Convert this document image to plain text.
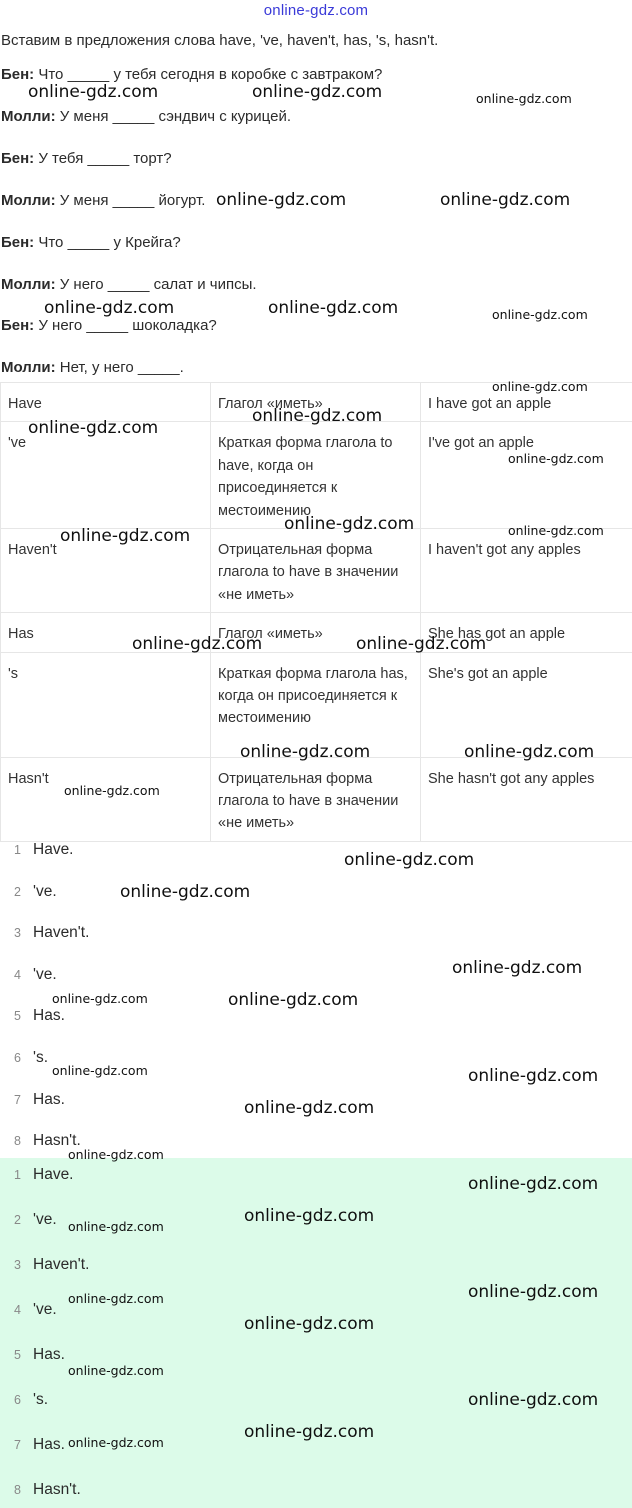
online-gdz.com
Вставим в предложения слова have, 've, haven't, has, 's, hasn't.
Бен: Что _____ у тебя сегодня в коробке с завтраком?
Молли: У меня _____ сэндвич с курицей.
Бен: У тебя _____ торт?
Молли: У меня _____ йогурт.
Бен: Что _____ у Крейга?
Молли: У него _____ салат и чипсы.
Бен: У него _____ шоколадка?
Молли: Нет, у него _____.
Have	Глагол «иметь»	I have got an apple
've	Краткая форма глагола to have, когда он присоединяется к местоимению	I've got an apple
Haven't	Отрицательная форма глагола to have в значении «не иметь»	I haven't got any apples
Has	Глагол «иметь»	She has got an apple
's	Краткая форма глагола has, когда он присоединяется к местоимению	She's got an apple
Hasn't	Отрицательная форма глагола to have в значении «не иметь»	She hasn't got any apples
1 Have.
2 've.
3 Haven't.
4 've.
5 Has.
6 's.
7 Has.
8 Hasn't.
1 Have.
2 've.
3 Haven't.
4 've.
5 Has.
6 's.
7 Has.
8 Hasn't.
online-gdz.com	online-gdz.com	online-gdz.com
online-gdz.com	online-gdz.com
online-gdz.com	online-gdz.com	online-gdz.com
online-gdz.com
online-gdz.com
online-gdz.com
online-gdz.com
online-gdz.com	online-gdz.com
online-gdz.com
online-gdz.com	online-gdz.com
online-gdz.com	online-gdz.com
online-gdz.com
online-gdz.com
online-gdz.com
online-gdz.com
online-gdz.com	online-gdz.com
online-gdz.com	online-gdz.com
online-gdz.com
online-gdz.com
online-gdz.com
online-gdz.com
online-gdz.com
online-gdz.com
online-gdz.com
online-gdz.com
online-gdz.com
online-gdz.com
online-gdz.com
online-gdz.com
